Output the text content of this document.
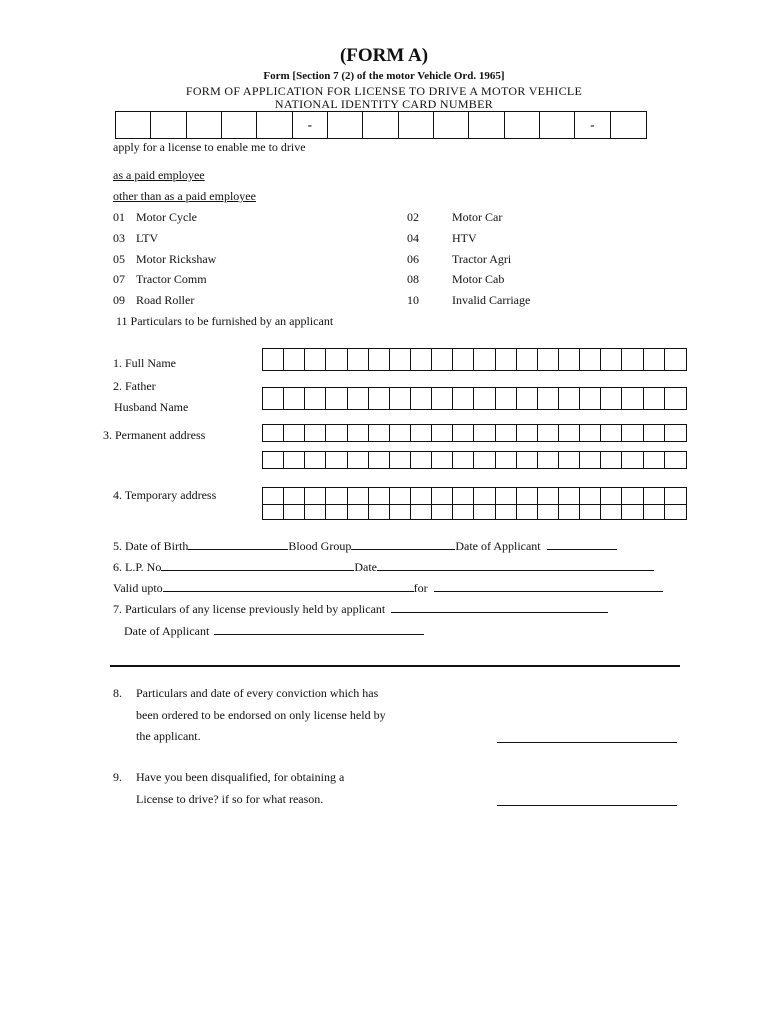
(FORM A)
Form [Section 7 (2) of the motor Vehicle Ord. 1965]
FORM OF APPLICATION FOR LICENSE TO DRIVE A MOTOR VEHICLE
NATIONAL IDENTITY CARD NUMBER
-	-
apply for a license to enable me to drive
as a paid employee
other than as a paid employee
01 Motor Cycle	02	Motor Car
03 LTV	04	HTV
05 Motor Rickshaw	06	Tractor Agri
07 Tractor Comm	08	Motor Cab
09 Road Roller	10	Invalid Carriage
11 Particulars to be furnished by an applicant
1. Full Name
2. Father
Husband Name
3. Permanent address
4. Temporary address
5. Date of Birth	Blood Group	Date of Applicant
6. L.P. No	Date
Valid upto	for
7. Particulars of any license previously held by applicant
Date of Applicant
8. Particulars and date of every conviction which has
been ordered to be endorsed on only license held by
the applicant.
9. Have you been disqualified, for obtaining a
License to drive? if so for what reason.
